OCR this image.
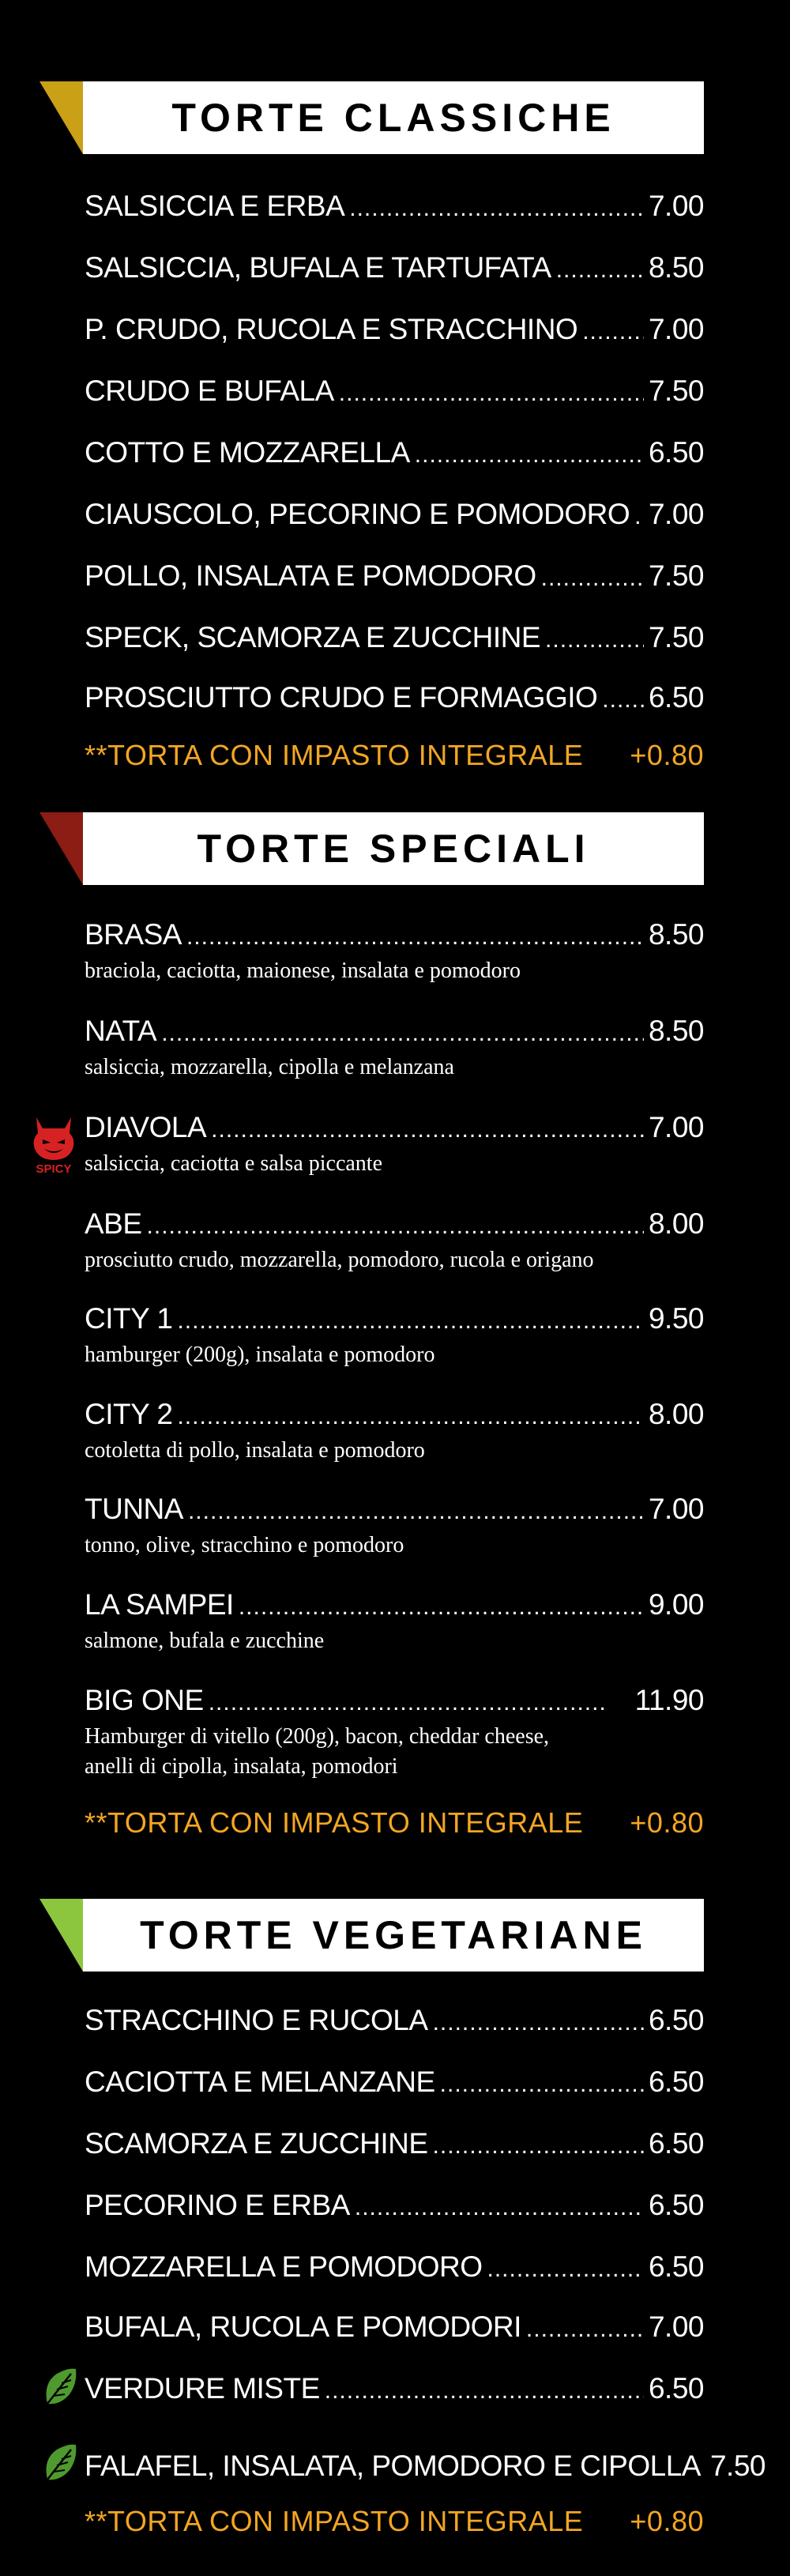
TORTE CLASSICHE
SALSICCIA E ERBA .....	7.00
SALSICCIA, BUFALA E TARTUFATA .....	8.50
P. CRUDO, RUCOLA E STRACCHINO ..... 7.00
CRUDO E BUFALA .....	7.50
COTTO E MOZZARELLA .....	6.50
CIAUSCOLO, PECORINO E POMODORO ..... 7.00
POLLO, INSALATA E POMODORO .....	7.50
SPECK, SCAMORZA E ZUCCHINE .....	7.50
PROSCIUTTO CRUDO E FORMAGGIO ..... 6.50
**TORTA CON IMPASTO INTEGRALE +0.80
TORTE SPECIALI
BRASA .....	8.50
braciola, caciotta, maionese, insalata e pomodoro
NATA .....	8.50
salsiccia, mozzarella, cipolla e melanzana
SPICY
DIAVOLA .....	7.00
salsiccia, caciotta e salsa piccante
ABE .....	8.00
prosciutto crudo, mozzarella, pomodoro, rucola e origano
CITY 1 .....	9.50
hamburger (200g), insalata e pomodoro
CITY 2 .....	8.00
cotoletta di pollo, insalata e pomodoro
TUNNA .....	7.00
tonno, olive, stracchino e pomodoro
LA SAMPEI .....	9.00
salmone, bufala e zucchine
BIG ONE .....	11.90
Hamburger di vitello (200g), bacon, cheddar cheese,
anelli di cipolla, insalata, pomodori
**TORTA CON IMPASTO INTEGRALE +0.80
TORTE VEGETARIANE
STRACCHINO E RUCOLA .....	6.50
CACIOTTA E MELANZANE .....	6.50
SCAMORZA E ZUCCHINE .....	6.50
PECORINO E ERBA .....	6.50
MOZZARELLA E POMODORO .....	6.50
BUFALA, RUCOLA E POMODORI .....	7.00
VERDURE MISTE .....	6.50
FALAFEL, INSALATA, POMODORO E CIPOLLA 7.50
**TORTA CON IMPASTO INTEGRALE +0.80
